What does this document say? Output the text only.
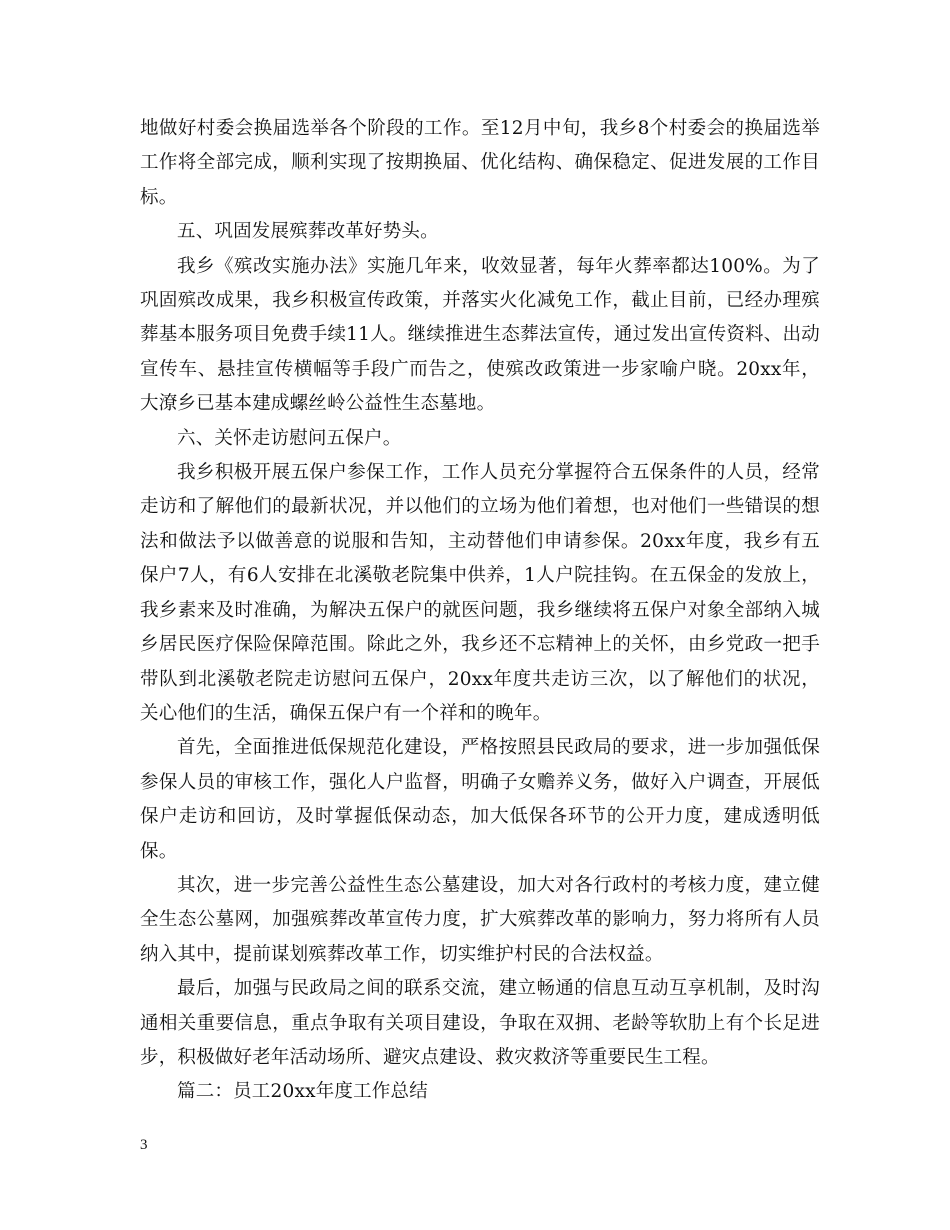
地做好村委会换届选举各个阶段的工作。至12月中旬，我乡8个村委会的换届选举工作将全部完成，顺利实现了按期换届、优化结构、确保稳定、促进发展的工作目标。

五、巩固发展殡葬改革好势头。

我乡《殡改实施办法》实施几年来，收效显著，每年火葬率都达100%。为了巩固殡改成果，我乡积极宣传政策，并落实火化减免工作，截止目前，已经办理殡葬基本服务项目免费手续11人。继续推进生态葬法宣传，通过发出宣传资料、出动宣传车、悬挂宣传横幅等手段广而告之，使殡改政策进一步家喻户晓。20xx年，大潦乡已基本建成螺丝岭公益性生态墓地。

六、关怀走访慰问五保户。

我乡积极开展五保户参保工作，工作人员充分掌握符合五保条件的人员，经常走访和了解他们的最新状况，并以他们的立场为他们着想，也对他们一些错误的想法和做法予以做善意的说服和告知，主动替他们申请参保。20xx年度，我乡有五保户7人，有6人安排在北溪敬老院集中供养，1人户院挂钩。在五保金的发放上，我乡素来及时准确，为解决五保户的就医问题，我乡继续将五保户对象全部纳入城乡居民医疗保险保障范围。除此之外，我乡还不忘精神上的关怀，由乡党政一把手带队到北溪敬老院走访慰问五保户，20xx年度共走访三次，以了解他们的状况，关心他们的生活，确保五保户有一个祥和的晚年。

首先，全面推进低保规范化建设，严格按照县民政局的要求，进一步加强低保参保人员的审核工作，强化人户监督，明确子女赡养义务，做好入户调查，开展低保户走访和回访，及时掌握低保动态，加大低保各环节的公开力度，建成透明低保。

其次，进一步完善公益性生态公墓建设，加大对各行政村的考核力度，建立健全生态公墓网，加强殡葬改革宣传力度，扩大殡葬改革的影响力，努力将所有人员纳入其中，提前谋划殡葬改革工作，切实维护村民的合法权益。

最后，加强与民政局之间的联系交流，建立畅通的信息互动互享机制，及时沟通相关重要信息，重点争取有关项目建设，争取在双拥、老龄等软肋上有个长足进步，积极做好老年活动场所、避灾点建设、救灾救济等重要民生工程。

篇二：员工20xx年度工作总结

3
